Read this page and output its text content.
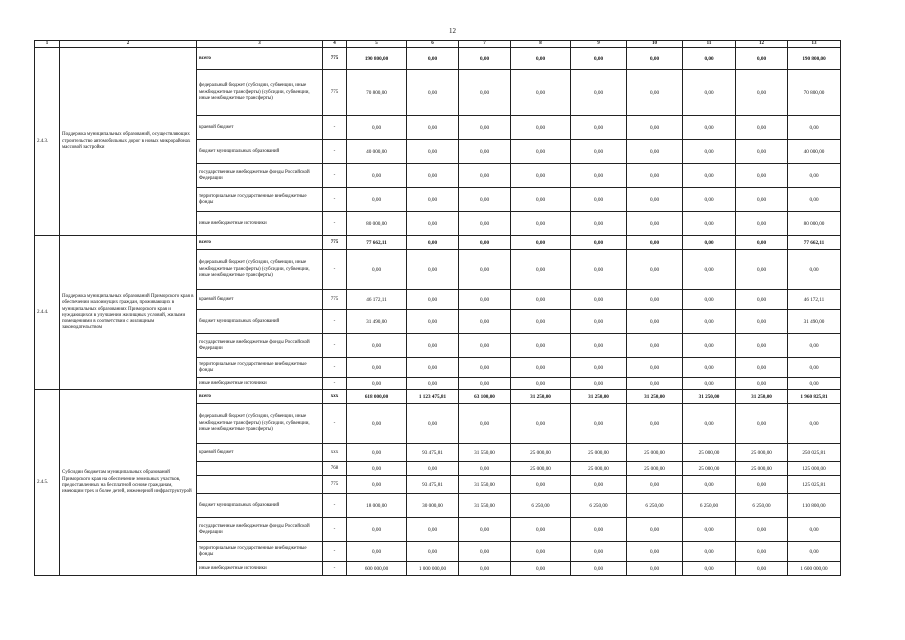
12
1	2	3	4	5	6	7	8	9	10	11	12	13
2.4.3.	Поддержка муниципальных образований, осуществляющих строительство автомобильных дорог в новых микрорайонах массовой застройки	всего	775	190 800,00	0,00	0,00	0,00	0,00	0,00	0,00	0,00	190 800,00
		федеральный бюджет (субсидии, субвенции, иные межбюджетные трансферты) (субсидии, субвенции, иные межбюджетные трансферты)	775	70 800,00	0,00	0,00	0,00	0,00	0,00	0,00	0,00	70 800,00
		краевой бюджет	-	0,00	0,00	0,00	0,00	0,00	0,00	0,00	0,00	0,00
		бюджет муниципальных образований	-	40 000,00	0,00	0,00	0,00	0,00	0,00	0,00	0,00	40 000,00
		государственные внебюджетные фонды Российской Федерации	-	0,00	0,00	0,00	0,00	0,00	0,00	0,00	0,00	0,00
		территориальные государственные внебюджетные фонды	-	0,00	0,00	0,00	0,00	0,00	0,00	0,00	0,00	0,00
		иные внебюджетные источники	-	80 000,00	0,00	0,00	0,00	0,00	0,00	0,00	0,00	80 000,00
2.4.4.	Поддержка муниципальных образований Приморского края в обеспечении малоимущих граждан, проживающих в муниципальных образованиях Приморского края и нуждающихся в улучшении жилищных условий, жилыми помещениями в соответствии с жилищным законодательством	всего	775	77 662,11	0,00	0,00	0,00	0,00	0,00	0,00	0,00	77 662,11
		федеральный бюджет (субсидии, субвенции, иные межбюджетные трансферты) (субсидии, субвенции, иные межбюджетные трансферты)	-	0,00	0,00	0,00	0,00	0,00	0,00	0,00	0,00	0,00
		краевой бюджет	775	46 172,11	0,00	0,00	0,00	0,00	0,00	0,00	0,00	46 172,11
		бюджет муниципальных образований	-	31 490,00	0,00	0,00	0,00	0,00	0,00	0,00	0,00	31 490,00
		государственные внебюджетные фонды Российской Федерации	-	0,00	0,00	0,00	0,00	0,00	0,00	0,00	0,00	0,00
		территориальные государственные внебюджетные фонды	-	0,00	0,00	0,00	0,00	0,00	0,00	0,00	0,00	0,00
		иные внебюджетные источники	-	0,00	0,00	0,00	0,00	0,00	0,00	0,00	0,00	0,00
2.4.5.	Субсидии бюджетам муниципальных образований Приморского края на обеспечение земельных участков, предоставленных на бесплатной основе гражданам, имеющим трех и более детей, инженерной инфраструктурой	всего	xxx	618 000,00	1 123 475,81	63 100,00	31 250,00	31 250,00	31 250,00	31 250,00	31 250,00	1 960 825,81
		федеральный бюджет (субсидии, субвенции, иные межбюджетные трансферты) (субсидии, субвенции, иные межбюджетные трансферты)	-	0,00	0,00	0,00	0,00	0,00	0,00	0,00	0,00	0,00
		краевой бюджет	xxx	0,00	93 475,81	31 550,00	25 000,00	25 000,00	25 000,00	25 000,00	25 000,00	250 025,81
			768	0,00	0,00	0,00	25 000,00	25 000,00	25 000,00	25 000,00	25 000,00	125 000,00
			775	0,00	93 475,81	31 550,00	0,00	0,00	0,00	0,00	0,00	125 025,81
		бюджет муниципальных образований	-	18 000,00	30 000,00	31 550,00	6 250,00	6 250,00	6 250,00	6 250,00	6 250,00	110 800,00
		государственные внебюджетные фонды Российской Федерации	-	0,00	0,00	0,00	0,00	0,00	0,00	0,00	0,00	0,00
		территориальные государственные внебюджетные фонды	-	0,00	0,00	0,00	0,00	0,00	0,00	0,00	0,00	0,00
		иные внебюджетные источники	-	600 000,00	1 000 000,00	0,00	0,00	0,00	0,00	0,00	0,00	1 600 000,00
